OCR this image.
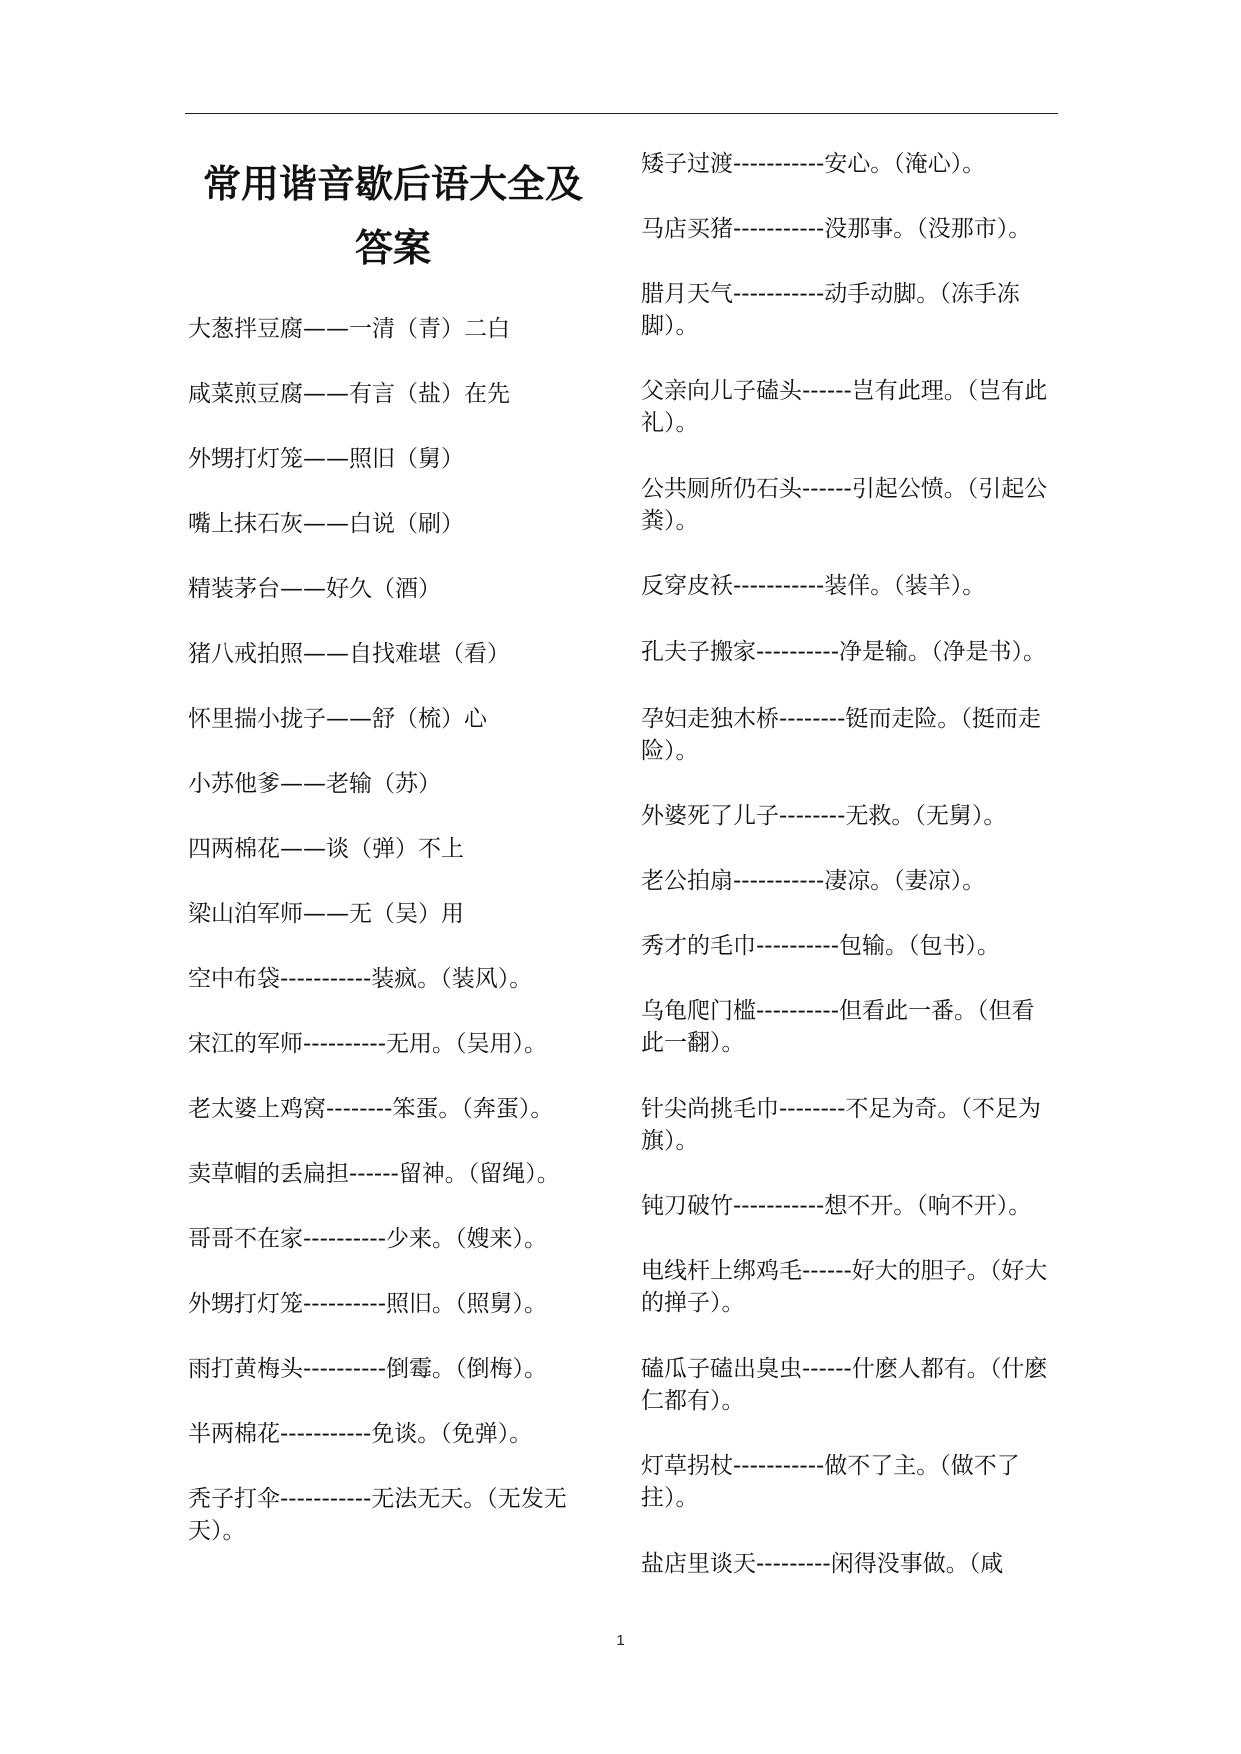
常用谐音歇后语大全及答案

大葱拌豆腐——一清（青）二白

咸菜煎豆腐——有言（盐）在先

外甥打灯笼——照旧（舅）

嘴上抹石灰——白说（刷）

精装茅台——好久（酒）

猪八戒拍照——自找难堪（看）

怀里揣小拢子——舒（梳）心

小苏他爹——老输（苏）

四两棉花——谈（弹）不上

梁山泊军师——无（吴）用

空中布袋-----------装疯。（装风）。

宋江的军师----------无用。（吴用）。

老太婆上鸡窝--------笨蛋。（奔蛋）。

卖草帽的丢扁担------留神。（留绳）。

哥哥不在家----------少来。（嫂来）。

外甥打灯笼----------照旧。（照舅）。

雨打黄梅头----------倒霉。（倒梅）。

半两棉花-----------免谈。（免弹）。

秃子打伞-----------无法无天。（无发无天）。

矮子过渡-----------安心。（淹心）。

马店买猪-----------没那事。（没那市）。

腊月天气-----------动手动脚。（冻手冻脚）。

父亲向儿子磕头------岂有此理。（岂有此礼）。

公共厕所仍石头------引起公愤。（引起公粪）。

反穿皮袄-----------装佯。（装羊）。

孔夫子搬家----------净是输。（净是书）。

孕妇走独木桥--------铤而走险。（挺而走险）。

外婆死了儿子--------无救。（无舅）。

老公拍扇-----------凄凉。（妻凉）。

秀才的毛巾----------包输。（包书）。

乌龟爬门槛----------但看此一番。（但看此一翻）。

针尖尚挑毛巾--------不足为奇。（不足为旗）。

钝刀破竹-----------想不开。（响不开）。

电线杆上绑鸡毛------好大的胆子。（好大的掸子）。

磕瓜子磕出臭虫------什麽人都有。（什麽仁都有）。

灯草拐杖-----------做不了主。（做不了拄）。

盐店里谈天---------闲得没事做。（咸

1
